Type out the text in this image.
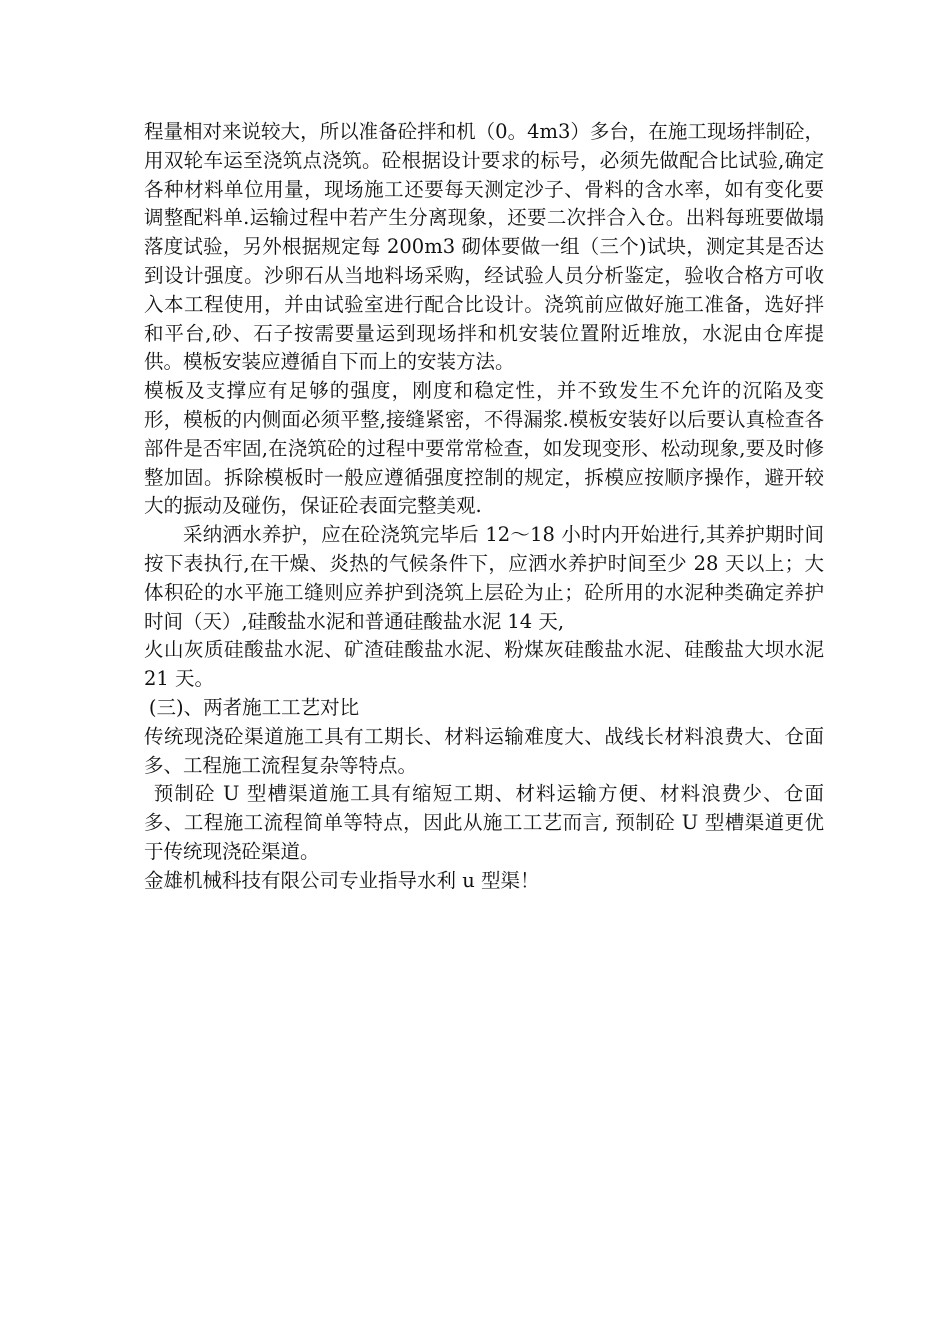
程量相对来说较大，所以准备砼拌和机（0。4m3）多台，在施工现场拌制砼，用双轮车运至浇筑点浇筑。砼根据设计要求的标号，必须先做配合比试验,确定各种材料单位用量，现场施工还要每天测定沙子、骨料的含水率，如有变化要调整配料单.运输过程中若产生分离现象，还要二次拌合入仓。出料每班要做塌落度试验，另外根据规定每 200m3 砌体要做一组（三个)试块，测定其是否达到设计强度。沙卵石从当地料场采购，经试验人员分析鉴定，验收合格方可收入本工程使用，并由试验室进行配合比设计。浇筑前应做好施工准备，选好拌和平台,砂、石子按需要量运到现场拌和机安装位置附近堆放，水泥由仓库提供。模板安装应遵循自下而上的安装方法。

模板及支撑应有足够的强度，刚度和稳定性，并不致发生不允许的沉陷及变形，模板的内侧面必须平整,接缝紧密，不得漏浆.模板安装好以后要认真检查各部件是否牢固,在浇筑砼的过程中要常常检查，如发现变形、松动现象,要及时修整加固。拆除模板时一般应遵循强度控制的规定，拆模应按顺序操作，避开较大的振动及碰伤，保证砼表面完整美观.

采纳洒水养护，应在砼浇筑完毕后 12～18 小时内开始进行,其养护期时间按下表执行,在干燥、炎热的气候条件下，应洒水养护时间至少 28 天以上；大体积砼的水平施工缝则应养护到浇筑上层砼为止；砼所用的水泥种类确定养护时间（天）,硅酸盐水泥和普通硅酸盐水泥 14 天,

火山灰质硅酸盐水泥、矿渣硅酸盐水泥、粉煤灰硅酸盐水泥、硅酸盐大坝水泥 21 天。

(三)、两者施工工艺对比

传统现浇砼渠道施工具有工期长、材料运输难度大、战线长材料浪费大、仓面多、工程施工流程复杂等特点。

预制砼 U 型槽渠道施工具有缩短工期、材料运输方便、材料浪费少、仓面多、工程施工流程简单等特点，因此从施工工艺而言, 预制砼 U 型槽渠道更优于传统现浇砼渠道。

金雄机械科技有限公司专业指导水利 u 型渠！
